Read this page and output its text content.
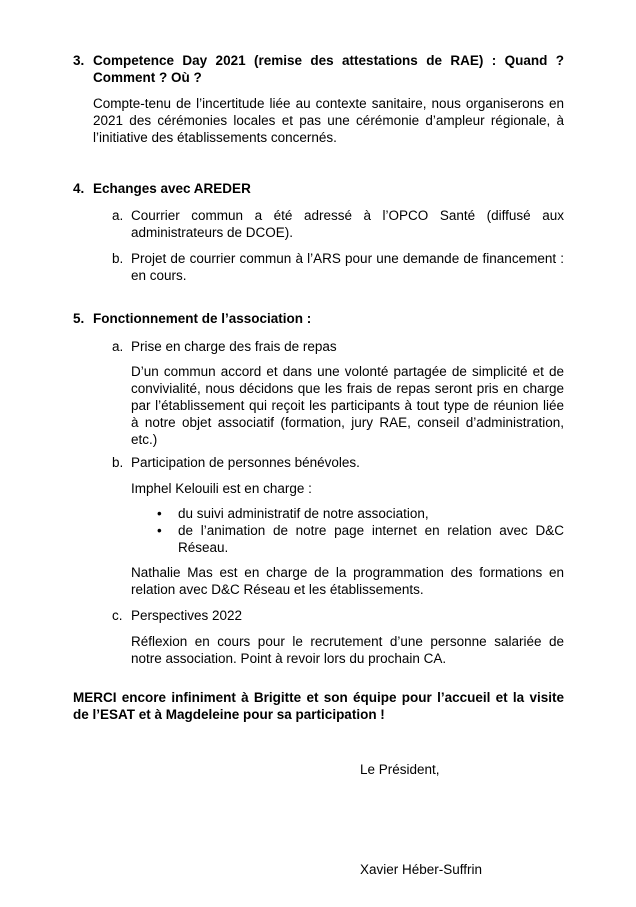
3. Competence Day 2021 (remise des attestations de RAE) : Quand ? Comment ? Où ?
Compte-tenu de l’incertitude liée au contexte sanitaire, nous organiserons en 2021 des cérémonies locales et pas une cérémonie d’ampleur régionale, à l’initiative des établissements concernés.
4. Echanges avec AREDER
a. Courrier commun a été adressé à l’OPCO Santé (diffusé aux administrateurs de DCOE).
b. Projet de courrier commun à l’ARS pour une demande de financement : en cours.
5. Fonctionnement de l’association :
a. Prise en charge des frais de repas
D’un commun accord et dans une volonté partagée de simplicité et de convivialité, nous décidons que les frais de repas seront pris en charge par l’établissement qui reçoit les participants à tout type de réunion liée à notre objet associatif (formation, jury RAE, conseil d’administration, etc.)
b. Participation de personnes bénévoles.
Imphel Kelouili est en charge :
• du suivi administratif de notre association,
• de l’animation de notre page internet en relation avec D&C Réseau.
Nathalie Mas est en charge de la programmation des formations en relation avec D&C Réseau et les établissements.
c. Perspectives 2022
Réflexion en cours pour le recrutement d’une personne salariée de notre association. Point à revoir lors du prochain CA.
MERCI encore infiniment à Brigitte et son équipe pour l’accueil et la visite de l’ESAT et à Magdeleine pour sa participation !
Le Président,
Xavier Héber-Suffrin
